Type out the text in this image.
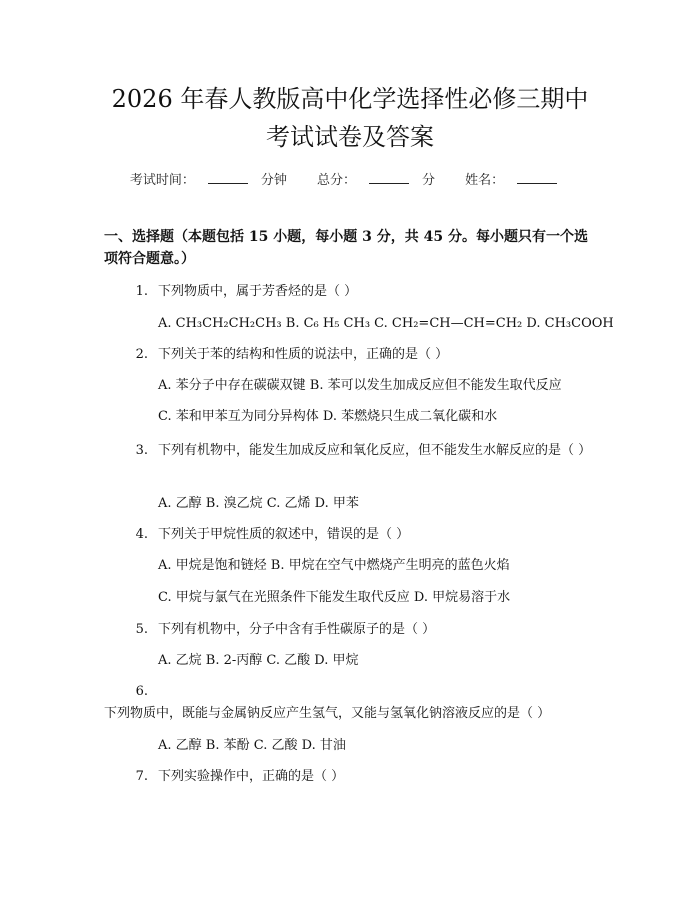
2026 年春人教版高中化学选择性必修三期中
考试试卷及答案
考试时间：	分钟 总分：	分 姓名：
一、选择题（本题包括 15 小题，每小题 3 分，共 45 分。每小题只有一个选项符合题意。）
1. 下列物质中，属于芳香烃的是（ ）
A. CH₃CH₂CH₂CH₃ B. C₆ H₅ CH₃ C. CH₂=CH—CH=CH₂ D. CH₃COOH
2. 下列关于苯的结构和性质的说法中，正确的是（ ）
A. 苯分子中存在碳碳双键 B. 苯可以发生加成反应但不能发生取代反应
C. 苯和甲苯互为同分异构体 D. 苯燃烧只生成二氧化碳和水
3. 下列有机物中，能发生加成反应和氧化反应，但不能发生水解反应的是（ ）
A. 乙醇 B. 溴乙烷 C. 乙烯 D. 甲苯
4. 下列关于甲烷性质的叙述中，错误的是（ ）
A. 甲烷是饱和链烃 B. 甲烷在空气中燃烧产生明亮的蓝色火焰
C. 甲烷与氯气在光照条件下能发生取代反应 D. 甲烷易溶于水
5. 下列有机物中，分子中含有手性碳原子的是（ ）
A. 乙烷 B. 2-丙醇 C. 乙酸 D. 甲烷
6.下列物质中，既能与金属钠反应产生氢气，又能与氢氧化钠溶液反应的是（ ）
A. 乙醇 B. 苯酚 C. 乙酸 D. 甘油
7. 下列实验操作中，正确的是（ ）
